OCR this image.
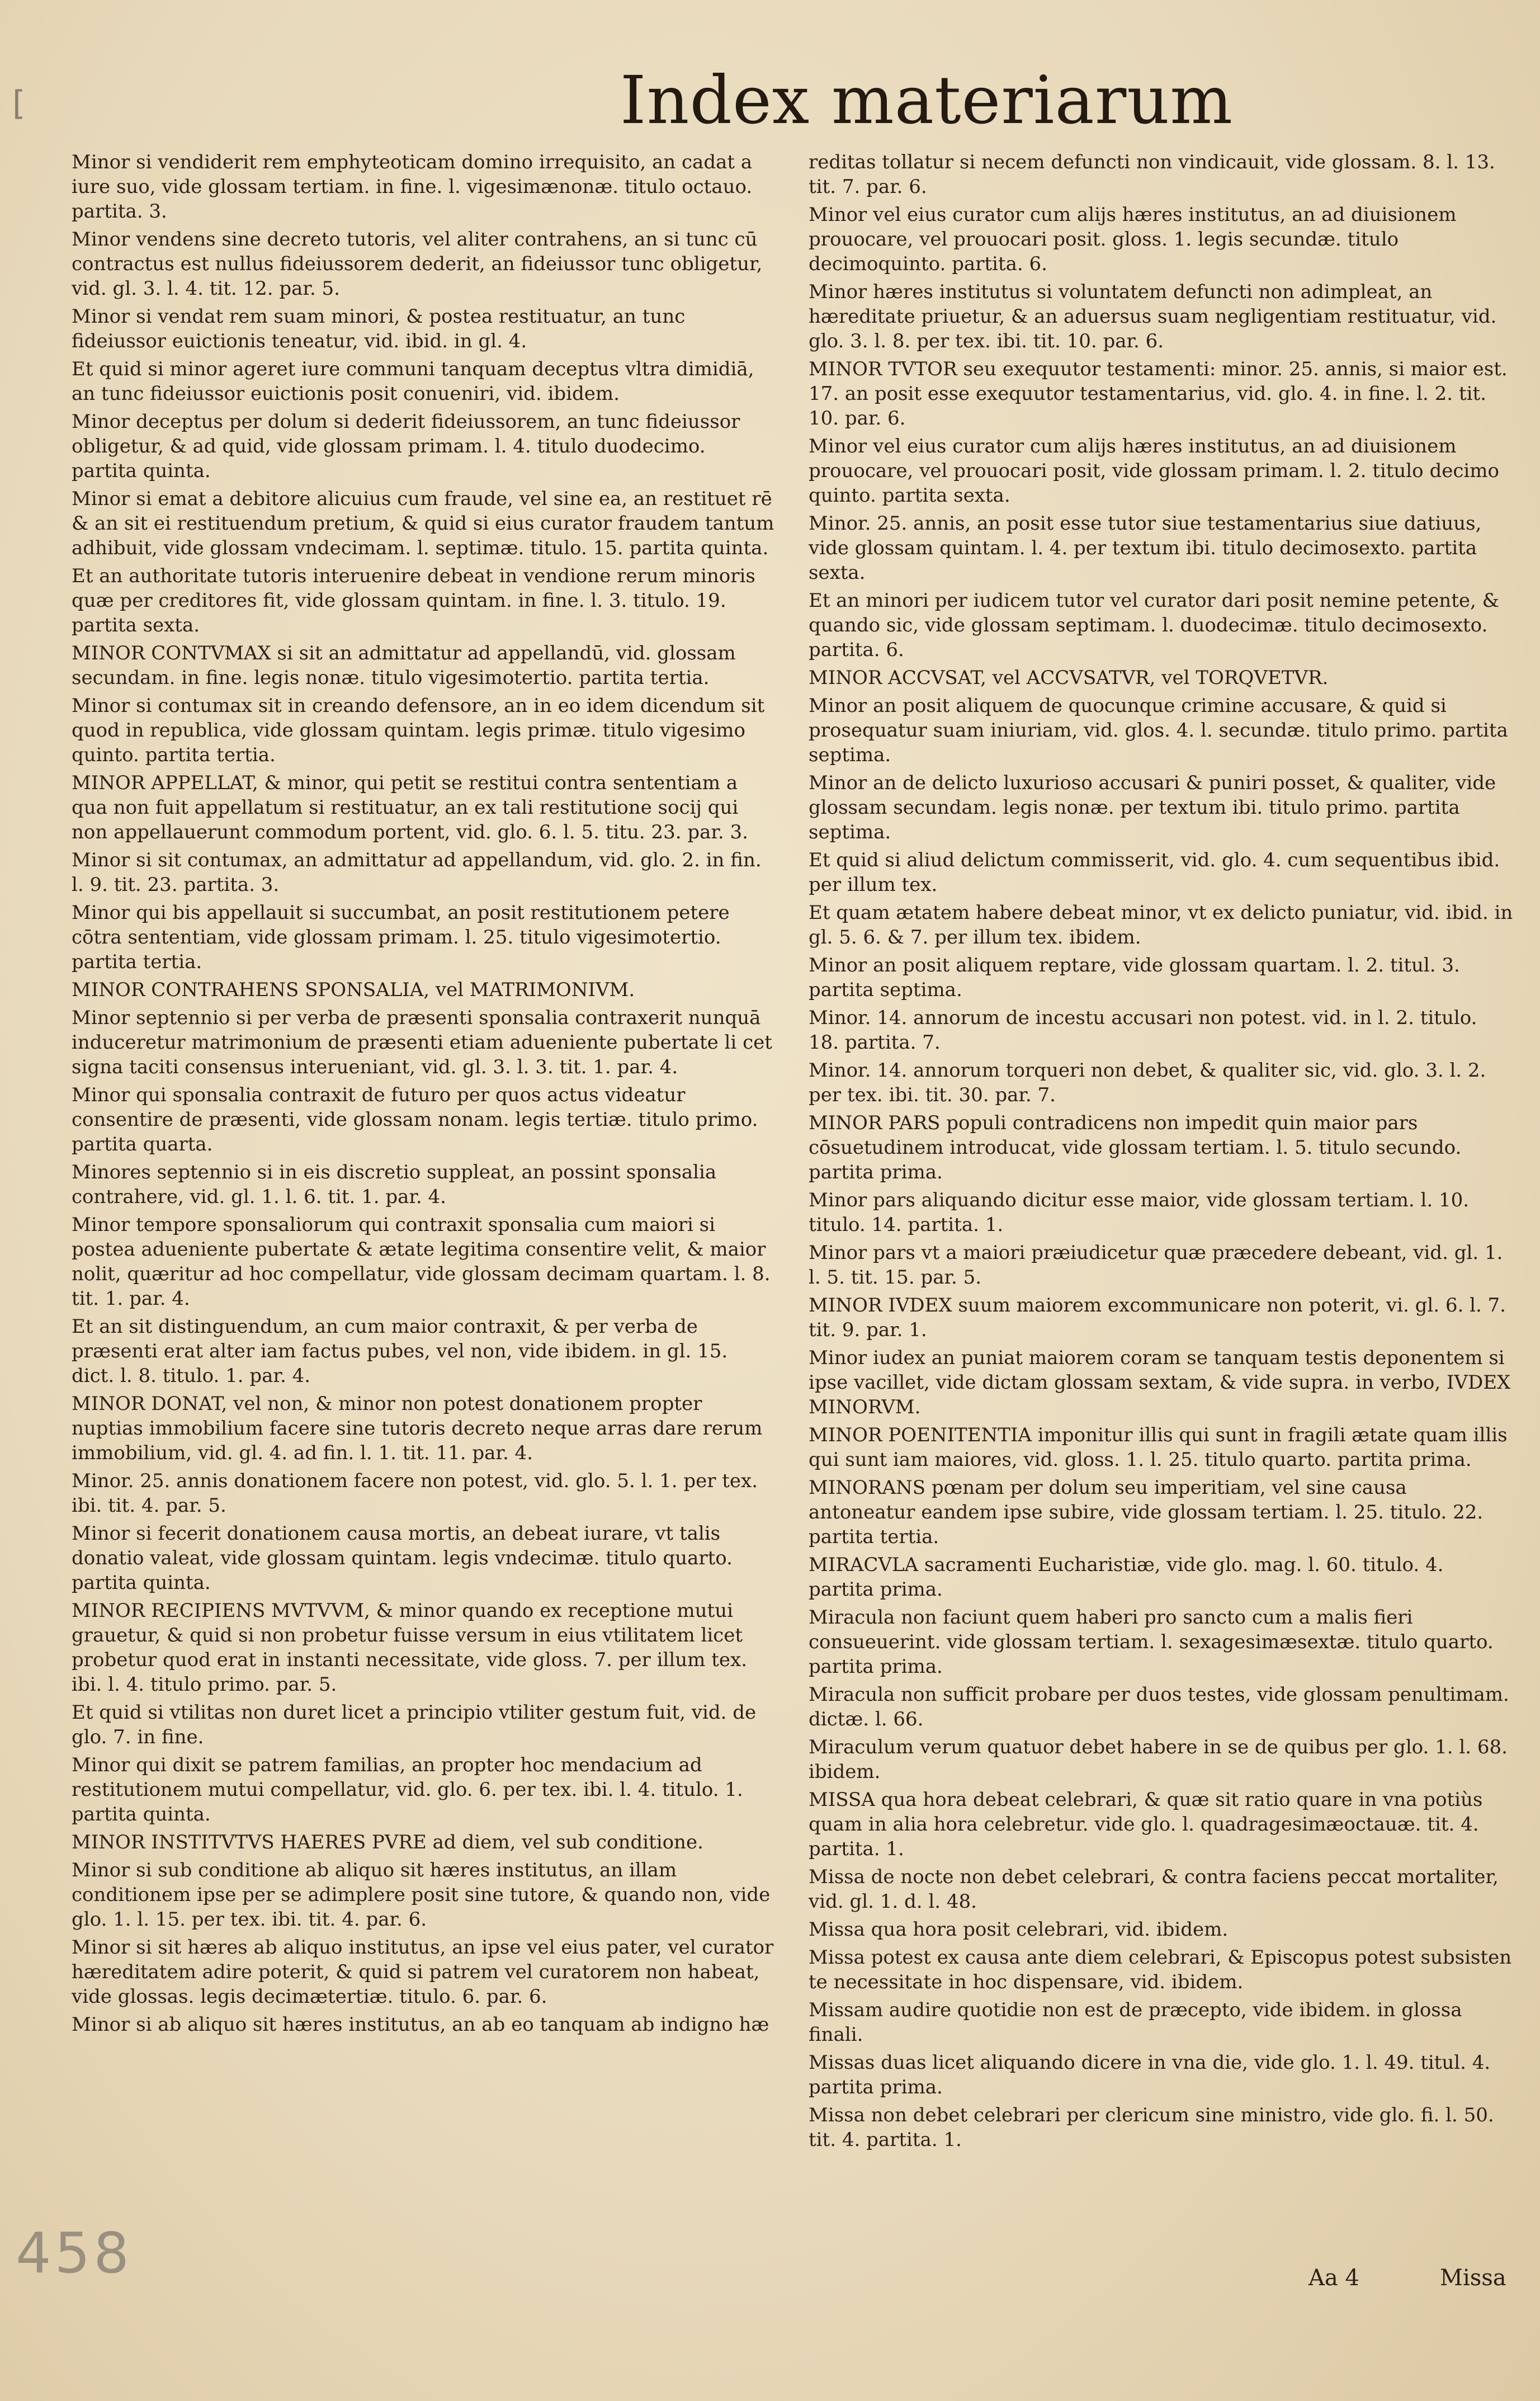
[	Index materiarum

Minor si vendiderit rem emphyteoticam domino irrequisito, an cadat a iure suo, vide glossam tertiam. in fine. l. vigesimænonæ. titulo octauo. partita. 3.

Minor vendens sine decreto tutoris, vel aliter contrahens, an si tunc cū contractus est nullus fideiussorem dederit, an fideiussor tunc obligetur, vid. gl. 3. l. 4. tit. 12. par. 5.

Minor si vendat rem suam minori, & postea restituatur, an tunc fideiussor euictionis teneatur, vid. ibid. in gl. 4.

Et quid si minor ageret iure communi tanquam deceptus vltra dimidiā, an tunc fideiussor euictionis posit conueniri, vid. ibidem.

Minor deceptus per dolum si dederit fideiussorem, an tunc fideiussor obligetur, & ad quid, vide glossam primam. l. 4. titulo duodecimo. partita quinta.

Minor si emat a debitore alicuius cum fraude, vel sine ea, an restituet rē & an sit ei restituendum pretium, & quid si eius curator fraudem tantum adhibuit, vide glossam vndecimam. l. septimæ. titulo. 15. partita quinta.

Et an authoritate tutoris interuenire debeat in vendione rerum minoris quæ per creditores fit, vide glossam quintam. in fine. l. 3. titulo. 19. partita sexta.

MINOR CONTVMAX si sit an admittatur ad appellandū, vid. glossam secundam. in fine. legis nonæ. titulo vigesimotertio. partita tertia.

Minor si contumax sit in creando defensore, an in eo idem dicendum sit quod in republica, vide glossam quintam. legis primæ. titulo vigesimo quinto. partita tertia.

MINOR APPELLAT, & minor, qui petit se restitui contra sententiam a qua non fuit appellatum si restituatur, an ex tali restitutione socij qui non appellauerunt commodum portent, vid. glo. 6. l. 5. titu. 23. par. 3.

Minor si sit contumax, an admittatur ad appellandum, vid. glo. 2. in fin. l. 9. tit. 23. partita. 3.

Minor qui bis appellauit si succumbat, an posit restitutionem petere cōtra sententiam, vide glossam primam. l. 25. titulo vigesimotertio. partita tertia.

MINOR CONTRAHENS SPONSALIA, vel MATRIMONIVM.

Minor septennio si per verba de præsenti sponsalia contraxerit nunquā induceretur matrimonium de præsenti etiam adueniente pubertate li cet signa taciti consensus interueniant, vid. gl. 3. l. 3. tit. 1. par. 4.

Minor qui sponsalia contraxit de futuro per quos actus videatur consentire de præsenti, vide glossam nonam. legis tertiæ. titulo primo. partita quarta.

Minores septennio si in eis discretio suppleat, an possint sponsalia contrahere, vid. gl. 1. l. 6. tit. 1. par. 4.

Minor tempore sponsaliorum qui contraxit sponsalia cum maiori si postea adueniente pubertate & ætate legitima consentire velit, & maior nolit, quæritur ad hoc compellatur, vide glossam decimam quartam. l. 8. tit. 1. par. 4.

Et an sit distinguendum, an cum maior contraxit, & per verba de præsenti erat alter iam factus pubes, vel non, vide ibidem. in gl. 15. dict. l. 8. titulo. 1. par. 4.

MINOR DONAT, vel non, & minor non potest donationem propter nuptias immobilium facere sine tutoris decreto neque arras dare rerum immobilium, vid. gl. 4. ad fin. l. 1. tit. 11. par. 4.

Minor. 25. annis donationem facere non potest, vid. glo. 5. l. 1. per tex. ibi. tit. 4. par. 5.

Minor si fecerit donationem causa mortis, an debeat iurare, vt talis donatio valeat, vide glossam quintam. legis vndecimæ. titulo quarto. partita quinta.

MINOR RECIPIENS MVTVVM, & minor quando ex receptione mutui grauetur, & quid si non probetur fuisse versum in eius vtilitatem licet probetur quod erat in instanti necessitate, vide gloss. 7. per illum tex. ibi. l. 4. titulo primo. par. 5.

Et quid si vtilitas non duret licet a principio vtiliter gestum fuit, vid. de glo. 7. in fine.

Minor qui dixit se patrem familias, an propter hoc mendacium ad restitutionem mutui compellatur, vid. glo. 6. per tex. ibi. l. 4. titulo. 1. partita quinta.

MINOR INSTITVTVS HAERES PVRE ad diem, vel sub conditione.

Minor si sub conditione ab aliquo sit hæres institutus, an illam conditionem ipse per se adimplere posit sine tutore, & quando non, vide glo. 1. l. 15. per tex. ibi. tit. 4. par. 6.

Minor si sit hæres ab aliquo institutus, an ipse vel eius pater, vel curator hæreditatem adire poterit, & quid si patrem vel curatorem non habeat, vide glossas. legis decimætertiæ. titulo. 6. par. 6.

Minor si ab aliquo sit hæres institutus, an ab eo tanquam ab indigno hæ

reditas tollatur si necem defuncti non vindicauit, vide glossam. 8. l. 13. tit. 7. par. 6.

Minor vel eius curator cum alijs hæres institutus, an ad diuisionem prouocare, vel prouocari posit. gloss. 1. legis secundæ. titulo decimoquinto. partita. 6.

Minor hæres institutus si voluntatem defuncti non adimpleat, an hæreditate priuetur, & an aduersus suam negligentiam restituatur, vid. glo. 3. l. 8. per tex. ibi. tit. 10. par. 6.

MINOR TVTOR seu exequutor testamenti: minor. 25. annis, si maior est. 17. an posit esse exequutor testamentarius, vid. glo. 4. in fine. l. 2. tit. 10. par. 6.

Minor vel eius curator cum alijs hæres institutus, an ad diuisionem prouocare, vel prouocari posit, vide glossam primam. l. 2. titulo decimo quinto. partita sexta.

Minor. 25. annis, an posit esse tutor siue testamentarius siue datiuus, vide glossam quintam. l. 4. per textum ibi. titulo decimosexto. partita sexta.

Et an minori per iudicem tutor vel curator dari posit nemine petente, & quando sic, vide glossam septimam. l. duodecimæ. titulo decimosexto. partita. 6.

MINOR ACCVSAT, vel ACCVSATVR, vel TORQVETVR.

Minor an posit aliquem de quocunque crimine accusare, & quid si prosequatur suam iniuriam, vid. glos. 4. l. secundæ. titulo primo. partita septima.

Minor an de delicto luxurioso accusari & puniri posset, & qualiter, vide glossam secundam. legis nonæ. per textum ibi. titulo primo. partita septima.

Et quid si aliud delictum commisserit, vid. glo. 4. cum sequentibus ibid. per illum tex.

Et quam ætatem habere debeat minor, vt ex delicto puniatur, vid. ibid. in gl. 5. 6. & 7. per illum tex. ibidem.

Minor an posit aliquem reptare, vide glossam quartam. l. 2. titul. 3. partita septima.

Minor. 14. annorum de incestu accusari non potest. vid. in l. 2. titulo. 18. partita. 7.

Minor. 14. annorum torqueri non debet, & qualiter sic, vid. glo. 3. l. 2. per tex. ibi. tit. 30. par. 7.

MINOR PARS populi contradicens non impedit quin maior pars cōsuetudinem introducat, vide glossam tertiam. l. 5. titulo secundo. partita prima.

Minor pars aliquando dicitur esse maior, vide glossam tertiam. l. 10. titulo. 14. partita. 1.

Minor pars vt a maiori præiudicetur quæ præcedere debeant, vid. gl. 1. l. 5. tit. 15. par. 5.

MINOR IVDEX suum maiorem excommunicare non poterit, vi. gl. 6. l. 7. tit. 9. par. 1.

Minor iudex an puniat maiorem coram se tanquam testis deponentem si ipse vacillet, vide dictam glossam sextam, & vide supra. in verbo, IVDEX MINORVM.

MINOR POENITENTIA imponitur illis qui sunt in fragili ætate quam illis qui sunt iam maiores, vid. gloss. 1. l. 25. titulo quarto. partita prima.

MINORANS pœnam per dolum seu imperitiam, vel sine causa antoneatur eandem ipse subire, vide glossam tertiam. l. 25. titulo. 22. partita tertia.

MIRACVLA sacramenti Eucharistiæ, vide glo. mag. l. 60. titulo. 4. partita prima.

Miracula non faciunt quem haberi pro sancto cum a malis fieri consueuerint. vide glossam tertiam. l. sexagesimæsextæ. titulo quarto. partita prima.

Miracula non sufficit probare per duos testes, vide glossam penultimam. dictæ. l. 66.

Miraculum verum quatuor debet habere in se de quibus per glo. 1. l. 68. ibidem.

MISSA qua hora debeat celebrari, & quæ sit ratio quare in vna potiùs quam in alia hora celebretur. vide glo. l. quadragesimæoctauæ. tit. 4. partita. 1.

Missa de nocte non debet celebrari, & contra faciens peccat mortaliter, vid. gl. 1. d. l. 48.

Missa qua hora posit celebrari, vid. ibidem.

Missa potest ex causa ante diem celebrari, & Episcopus potest subsisten te necessitate in hoc dispensare, vid. ibidem.

Missam audire quotidie non est de præcepto, vide ibidem. in glossa finali.

Missas duas licet aliquando dicere in vna die, vide glo. 1. l. 49. titul. 4. partita prima.

Missa non debet celebrari per clericum sine ministro, vide glo. fi. l. 50. tit. 4. partita. 1.

Aa 4	Missa
458
